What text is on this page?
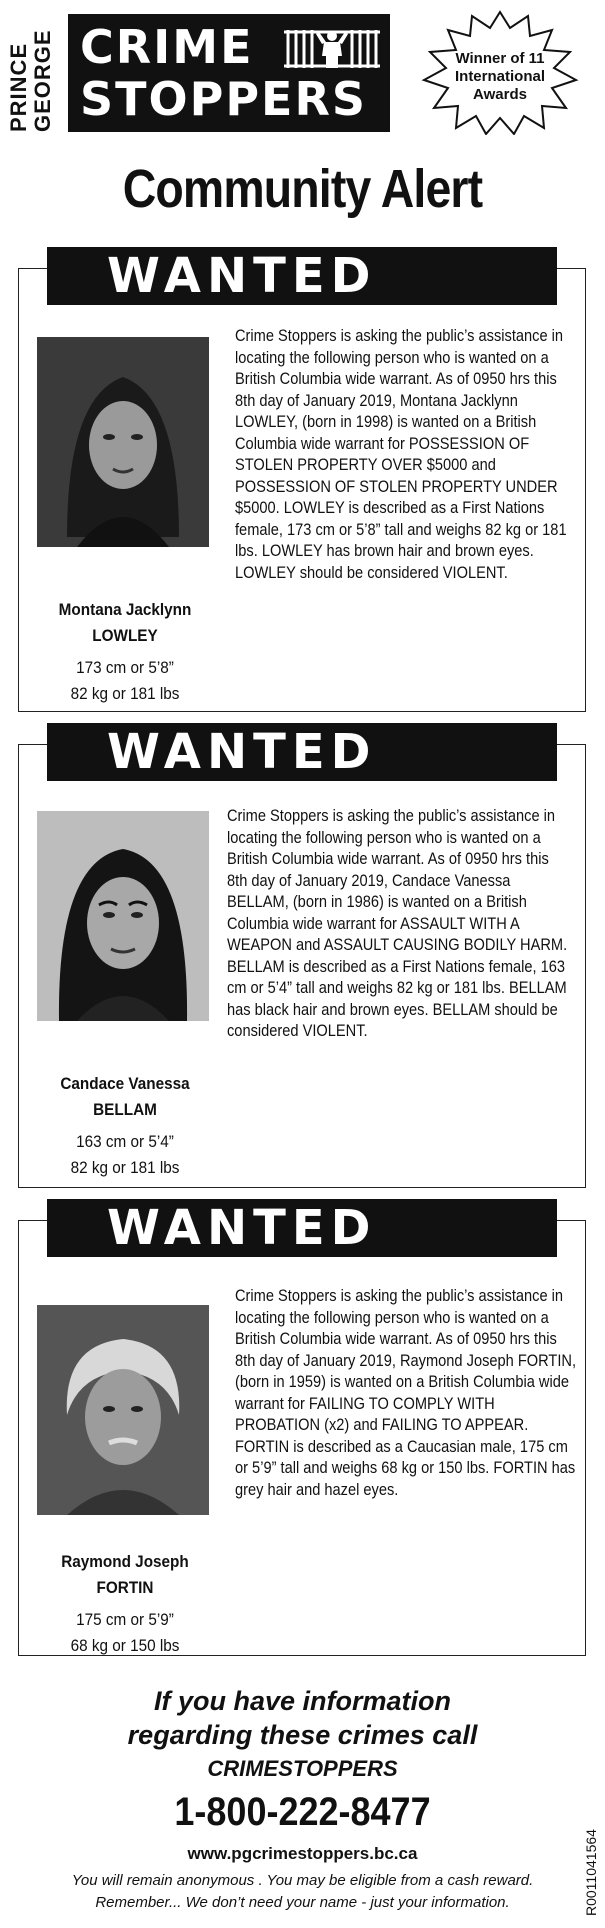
PRINCE GEORGE CRIME
STOPPERS
Winner of 11
International
Awards
Community Alert
WANTED
Montana Jacklynn
LOWLEY
173 cm or 5’8”
82 kg or 181 lbs
Crime Stoppers is asking the public’s assistance in locating the following person who is wanted on a British Columbia wide warrant. As of 0950 hrs this 8th day of January 2019, Montana Jacklynn LOWLEY, (born in 1998) is wanted on a British Columbia wide warrant for POSSESSION OF STOLEN PROPERTY OVER $5000 and POSSESSION OF STOLEN PROPERTY UNDER $5000. LOWLEY is described as a First Nations female, 173 cm or 5’8” tall and weighs 82 kg or 181 lbs. LOWLEY has brown hair and brown eyes. LOWLEY should be considered VIOLENT.
WANTED
Candace Vanessa
BELLAM
163 cm or 5’4”
82 kg or 181 lbs
Crime Stoppers is asking the public’s assistance in locating the following person who is wanted on a British Columbia wide warrant. As of 0950 hrs this 8th day of January 2019, Candace Vanessa BELLAM, (born in 1986) is wanted on a British Columbia wide warrant for ASSAULT WITH A WEAPON and ASSAULT CAUSING BODILY HARM. BELLAM is described as a First Nations female, 163 cm or 5’4” tall and weighs 82 kg or 181 lbs. BELLAM has black hair and brown eyes. BELLAM should be considered VIOLENT.
WANTED
Raymond Joseph
FORTIN
175 cm or 5’9”
68 kg or 150 lbs
Crime Stoppers is asking the public’s assistance in locating the following person who is wanted on a British Columbia wide warrant. As of 0950 hrs this 8th day of January 2019, Raymond Joseph FORTIN, (born in 1959) is wanted on a British Columbia wide warrant for FAILING TO COMPLY WITH PROBATION (x2) and FAILING TO APPEAR. FORTIN is described as a Caucasian male, 175 cm or 5’9” tall and weighs 68 kg or 150 lbs. FORTIN has grey hair and hazel eyes.
If you have information
regarding these crimes call
CRIMESTOPPERS
1-800-222-8477
www.pgcrimestoppers.bc.ca
You will remain anonymous . You may be eligible from a cash reward.
Remember... We don’t need your name - just your information.	R0011041564
